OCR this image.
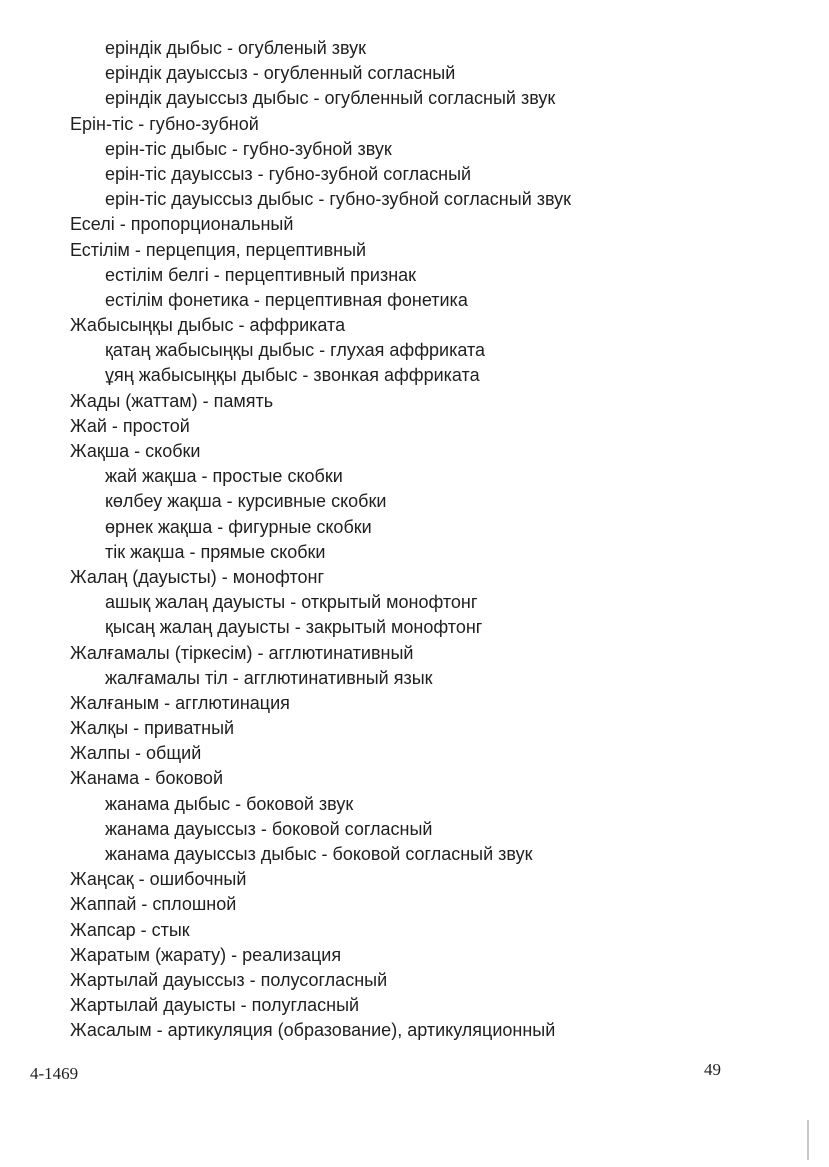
еріндік дыбыс - огубленый звук
еріндік дауыссыз - огубленный согласный
еріндік дауыссыз дыбыс - огубленный согласный звук
Ерін-тіс - губно-зубной
ерін-тіс дыбыс - губно-зубной звук
ерін-тіс дауыссыз - губно-зубной согласный
ерін-тіс дауыссыз дыбыс - губно-зубной согласный звук
Еселі - пропорциональный
Естілім - перцепция, перцептивный
естілім белгі - перцептивный признак
естілім фонетика - перцептивная фонетика
Жабысыңқы дыбыс - аффриката
қатаң жабысыңқы дыбыс - глухая аффриката
ұяң жабысыңқы дыбыс - звонкая аффриката
Жады (жаттам) - память
Жай - простой
Жақша - скобки
жай жақша - простые скобки
көлбеу жақша - курсивные скобки
өрнек жақша - фигурные скобки
тік жақша - прямые скобки
Жалаң (дауысты) - монофтонг
ашық жалаң дауысты - открытый монофтонг
қысаң жалаң дауысты - закрытый монофтонг
Жалғамалы (тіркесім) - агглютинативный
жалғамалы тіл - агглютинативный язык
Жалғаным - агглютинация
Жалқы - приватный
Жалпы - общий
Жанама - боковой
жанама дыбыс - боковой звук
жанама дауыссыз - боковой согласный
жанама дауыссыз дыбыс - боковой согласный звук
Жаңсақ - ошибочный
Жаппай - сплошной
Жапсар - стык
Жаратым (жарату) - реализация
Жартылай дауыссыз - полусогласный
Жартылай дауысты - полугласный
Жасалым - артикуляция (образование), артикуляционный
4-1469	49
